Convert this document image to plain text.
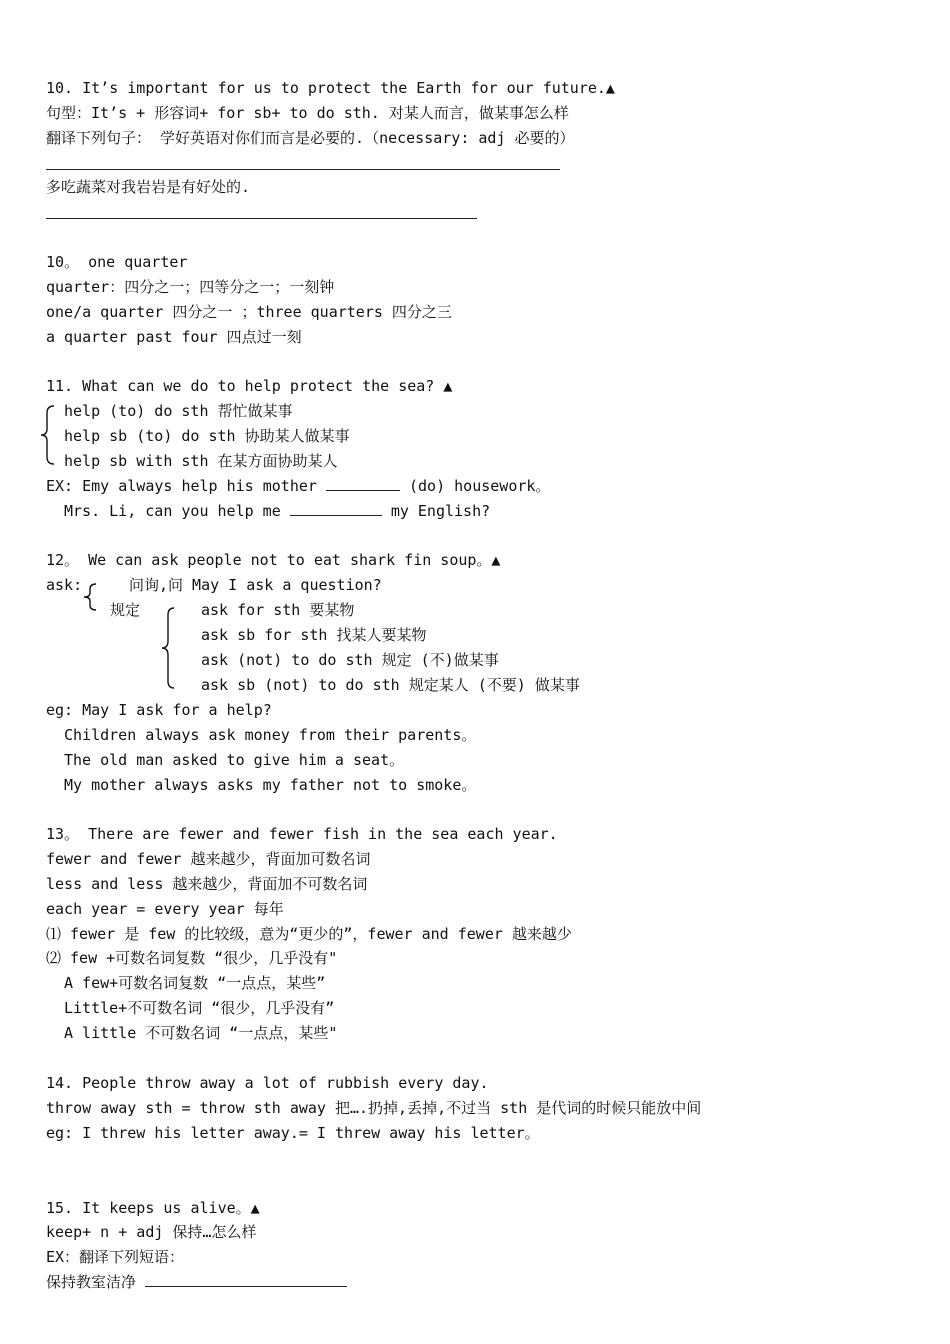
10. It’s important for us to protect the Earth for our future.▲
句型：It’s + 形容词+ for sb+ to do sth. 对某人而言，做某事怎么样
翻译下列句子： 学好英语对你们而言是必要的.（necessary: adj 必要的）
多吃蔬菜对我岩岩是有好处的.
10。 one quarter
quarter：四分之一；四等分之一；一刻钟
one/a quarter 四分之一 ；three quarters 四分之三
a quarter past four 四点过一刻
11. What can we do to help protect the sea? ▲
help (to) do sth 帮忙做某事
help sb (to) do sth 协助某人做某事
help sb with sth 在某方面协助某人
EX: Emy always help his mother	(do) housework。
Mrs. Li, can you help me	my English?
12。 We can ask people not to eat shark fin soup。▲
ask:	问询,问 May I ask a question?
规定	ask for sth 要某物
ask sb for sth 找某人要某物
ask (not) to do sth 规定 (不)做某事
ask sb (not) to do sth 规定某人 (不要) 做某事
eg: May I ask for a help?
Children always ask money from their parents。
The old man asked to give him a seat。
My mother always asks my father not to smoke。
13。 There are fewer and fewer fish in the sea each year.
fewer and fewer 越来越少，背面加可数名词
less and less 越来越少，背面加不可数名词
each year = every year 每年
⑴ fewer 是 few 的比较级，意为“更少的”，fewer and fewer 越来越少
⑵ few +可数名词复数 “很少，几乎没有"
A few+可数名词复数 “一点点，某些”
Little+不可数名词 “很少，几乎没有”
A little 不可数名词 “一点点，某些"
14. People throw away a lot of rubbish every day.
throw away sth = throw sth away 把….扔掉,丢掉,不过当 sth 是代词的时候只能放中间
eg: I threw his letter away.= I threw away his letter。
15. It keeps us alive。▲
keep+ n + adj 保持…怎么样
EX：翻译下列短语：
保持教室洁净
